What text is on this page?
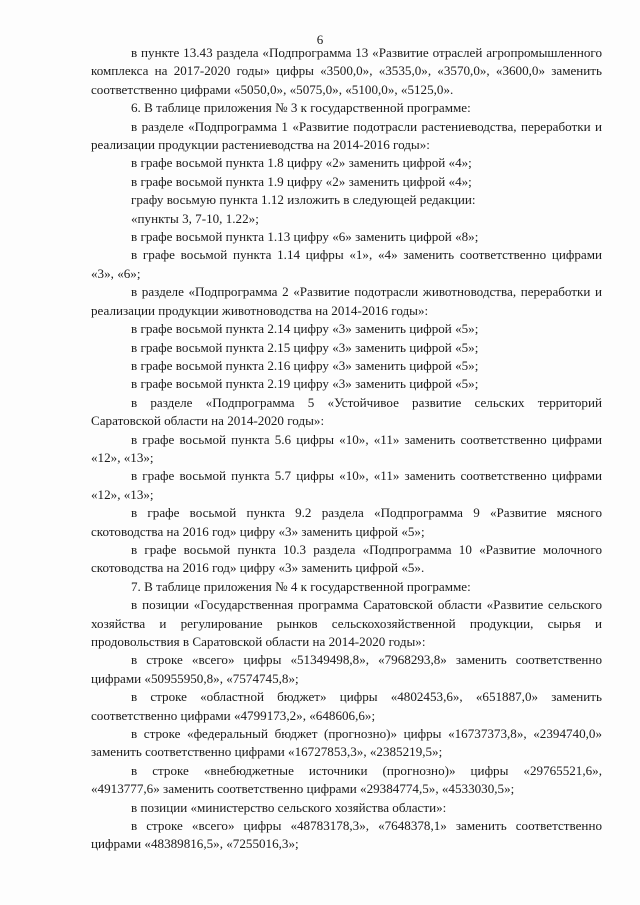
6

в пункте 13.43 раздела «Подпрограмма 13 «Развитие отраслей агропромышленного комплекса на 2017-2020 годы» цифры «3500,0», «3535,0», «3570,0», «3600,0» заменить соответственно цифрами «5050,0», «5075,0», «5100,0», «5125,0».

6. В таблице приложения № 3 к государственной программе:

в разделе «Подпрограмма 1 «Развитие подотрасли растениеводства, переработки и реализации продукции растениеводства на 2014-2016 годы»:

в графе восьмой пункта 1.8 цифру «2» заменить цифрой «4»;

в графе восьмой пункта 1.9 цифру «2» заменить цифрой «4»;

графу восьмую пункта 1.12 изложить в следующей редакции:

«пункты 3, 7-10, 1.22»;

в графе восьмой пункта 1.13 цифру «6» заменить цифрой «8»;

в графе восьмой пункта 1.14 цифры «1», «4» заменить соответственно цифрами «3», «6»;

в разделе «Подпрограмма 2 «Развитие подотрасли животноводства, переработки и реализации продукции животноводства на 2014-2016 годы»:

в графе восьмой пункта 2.14 цифру «3» заменить цифрой «5»;

в графе восьмой пункта 2.15 цифру «3» заменить цифрой «5»;

в графе восьмой пункта 2.16 цифру «3» заменить цифрой «5»;

в графе восьмой пункта 2.19 цифру «3» заменить цифрой «5»;

в разделе «Подпрограмма 5 «Устойчивое развитие сельских территорий Саратовской области на 2014-2020 годы»:

в графе восьмой пункта 5.6 цифры «10», «11» заменить соответственно цифрами «12», «13»;

в графе восьмой пункта 5.7 цифры «10», «11» заменить соответственно цифрами «12», «13»;

в графе восьмой пункта 9.2 раздела «Подпрограмма 9 «Развитие мясного скотоводства на 2016 год» цифру «3» заменить цифрой «5»;

в графе восьмой пункта 10.3 раздела «Подпрограмма 10 «Развитие молочного скотоводства на 2016 год» цифру «3» заменить цифрой «5».

7. В таблице приложения № 4 к государственной программе:

в позиции «Государственная программа Саратовской области «Развитие сельского хозяйства и регулирование рынков сельскохозяйственной продукции, сырья и продовольствия в Саратовской области на 2014-2020 годы»:

в строке «всего» цифры «51349498,8», «7968293,8» заменить соответственно цифрами «50955950,8», «7574745,8»;

в строке «областной бюджет» цифры «4802453,6», «651887,0» заменить соответственно цифрами «4799173,2», «648606,6»;

в строке «федеральный бюджет (прогнозно)» цифры «16737373,8», «2394740,0» заменить соответственно цифрами «16727853,3», «2385219,5»;

в строке «внебюджетные источники (прогнозно)» цифры «29765521,6», «4913777,6» заменить соответственно цифрами «29384774,5», «4533030,5»;

в позиции «министерство сельского хозяйства области»:

в строке «всего» цифры «48783178,3», «7648378,1» заменить соответственно цифрами «48389816,5», «7255016,3»;
